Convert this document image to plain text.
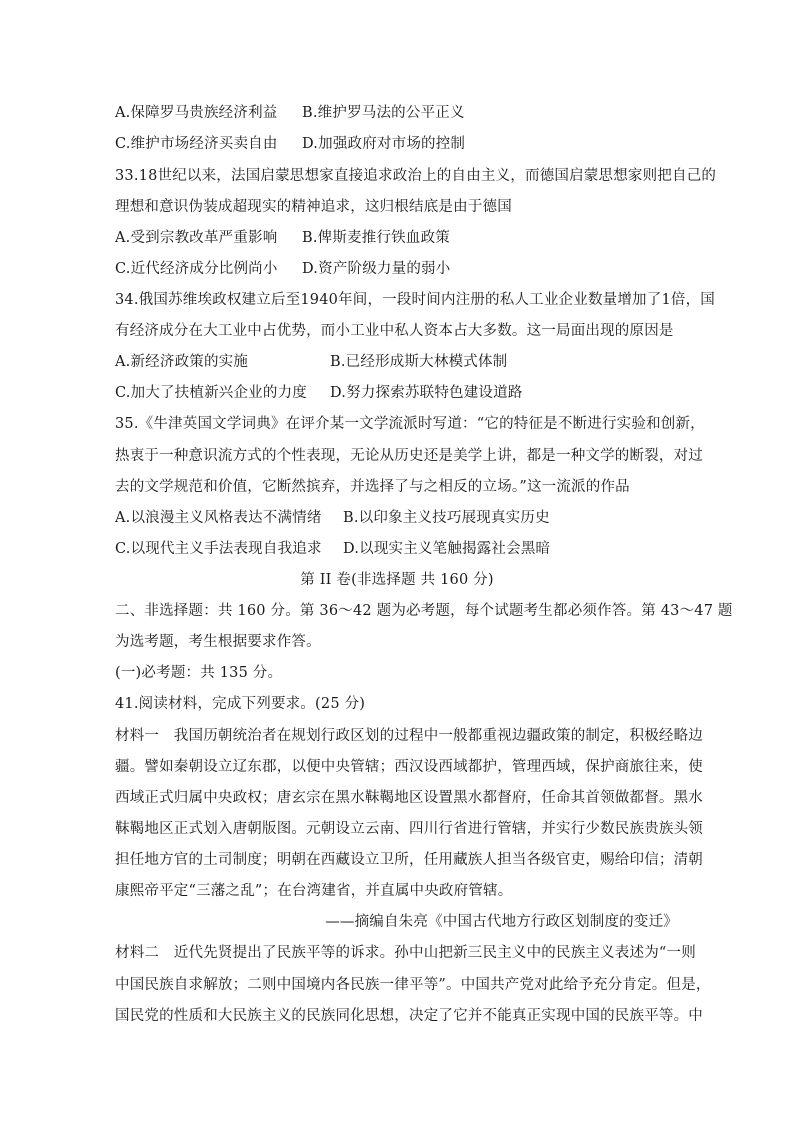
A.保障罗马贵族经济利益 B.维护罗马法的公平正义
C.维护市场经济买卖自由 D.加强政府对市场的控制
33.18世纪以来，法国启蒙思想家直接追求政治上的自由主义，而德国启蒙思想家则把自己的
理想和意识伪装成超现实的精神追求，这归根结底是由于德国
A.受到宗教改革严重影响 B.俾斯麦推行铁血政策
C.近代经济成分比例尚小 D.资产阶级力量的弱小
34.俄国苏维埃政权建立后至1940年间，一段时间内注册的私人工业企业数量增加了1倍，国
有经济成分在大工业中占优势，而小工业中私人资本占大多数。这一局面出现的原因是
A.新经济政策的实施	B.已经形成斯大林模式体制
C.加大了扶植新兴企业的力度 D.努力探索苏联特色建设道路
35.《牛津英国文学词典》在评介某一文学流派时写道：“它的特征是不断进行实验和创新，
热衷于一种意识流方式的个性表现，无论从历史还是美学上讲，都是一种文学的断裂，对过
去的文学规范和价值，它断然摈弃，并选择了与之相反的立场。”这一流派的作品
A.以浪漫主义风格表达不满情绪 B.以印象主义技巧展现真实历史
C.以现代主义手法表现自我追求 D.以现实主义笔触揭露社会黑暗
第 II 卷(非选择题 共 160 分)
二、非选择题：共 160 分。第 36～42 题为必考题，每个试题考生都必须作答。第 43～47 题
为选考题，考生根据要求作答。
(一)必考题：共 135 分。
41.阅读材料，完成下列要求。(25 分)
材料一　我国历朝统治者在规划行政区划的过程中一般都重视边疆政策的制定，积极经略边
疆。譬如秦朝设立辽东郡，以便中央管辖；西汉设西域都护，管理西域，保护商旅往来，使
西域正式归属中央政权；唐玄宗在黑水靺鞨地区设置黑水都督府，任命其首领做都督。黑水
靺鞨地区正式划入唐朝版图。元朝设立云南、四川行省进行管辖，并实行少数民族贵族头领
担任地方官的土司制度；明朝在西藏设立卫所，任用藏族人担当各级官吏，赐给印信；清朝
康熙帝平定“三藩之乱”；在台湾建省，并直属中央政府管辖。
——摘编自朱亮《中国古代地方行政区划制度的变迁》
材料二　近代先贤提出了民族平等的诉求。孙中山把新三民主义中的民族主义表述为“一则
中国民族自求解放；二则中国境内各民族一律平等”。中国共产党对此给予充分肯定。但是，
国民党的性质和大民族主义的民族同化思想，决定了它并不能真正实现中国的民族平等。中
